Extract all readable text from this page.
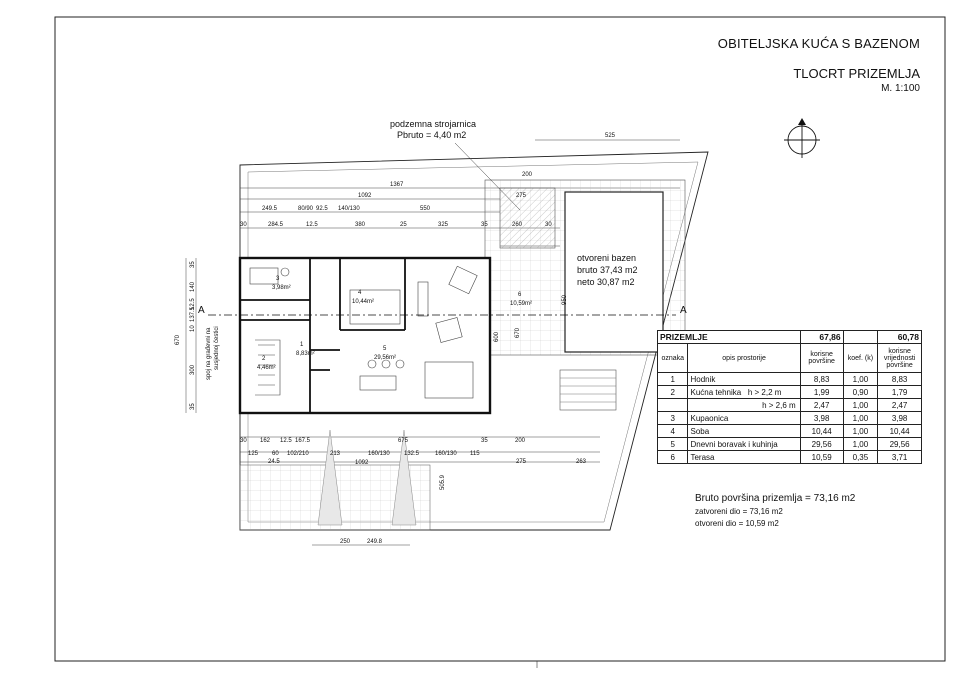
A	A
podzemna strojarnica
Pbruto = 4,40 m2
otvoreni bazen
bruto 37,43 m2
neto 30,87 m2
spoj na građevni na susjednoj čestici	1
8,83m²
2
4,46m²
3
3,98m²
4
10,44m²
5
29,56m²
6
10,59m²
525
1367
1092
249.5	80/90 92.5 140/130	550
30	284.5	12.5	380	25	325	35	260	30
275
200
30 162 12.5 167.5	675	35	200
125 60 102/210	213	160/130 132.5	160/130 115
275	263
24.5	1092
250	249.8
670
35
140
12.5
137.5
10
300
35
600
950
670
505.9
OBITELJSKA KUĆA S BAZENOM
TLOCRT PRIZEMLJA
M. 1:100
PRIZEMLJE		67,86		60,78
oznaka	opis prostorije	korisne površine	koef. (k)	korisne vrijednosti površine
1	Hodnik	8,83	1,00	8,83
2	Kućna tehnika   h > 2,2 m	1,99	0,90	1,79
	h > 2,6 m	2,47	1,00	2,47
3	Kupaonica	3,98	1,00	3,98
4	Soba	10,44	1,00	10,44
5	Dnevni boravak i kuhinja	29,56	1,00	29,56
6	Terasa	10,59	0,35	3,71
Bruto površina prizemlja = 73,16 m2
zatvoreni dio = 73,16 m2
otvoreni dio = 10,59 m2
